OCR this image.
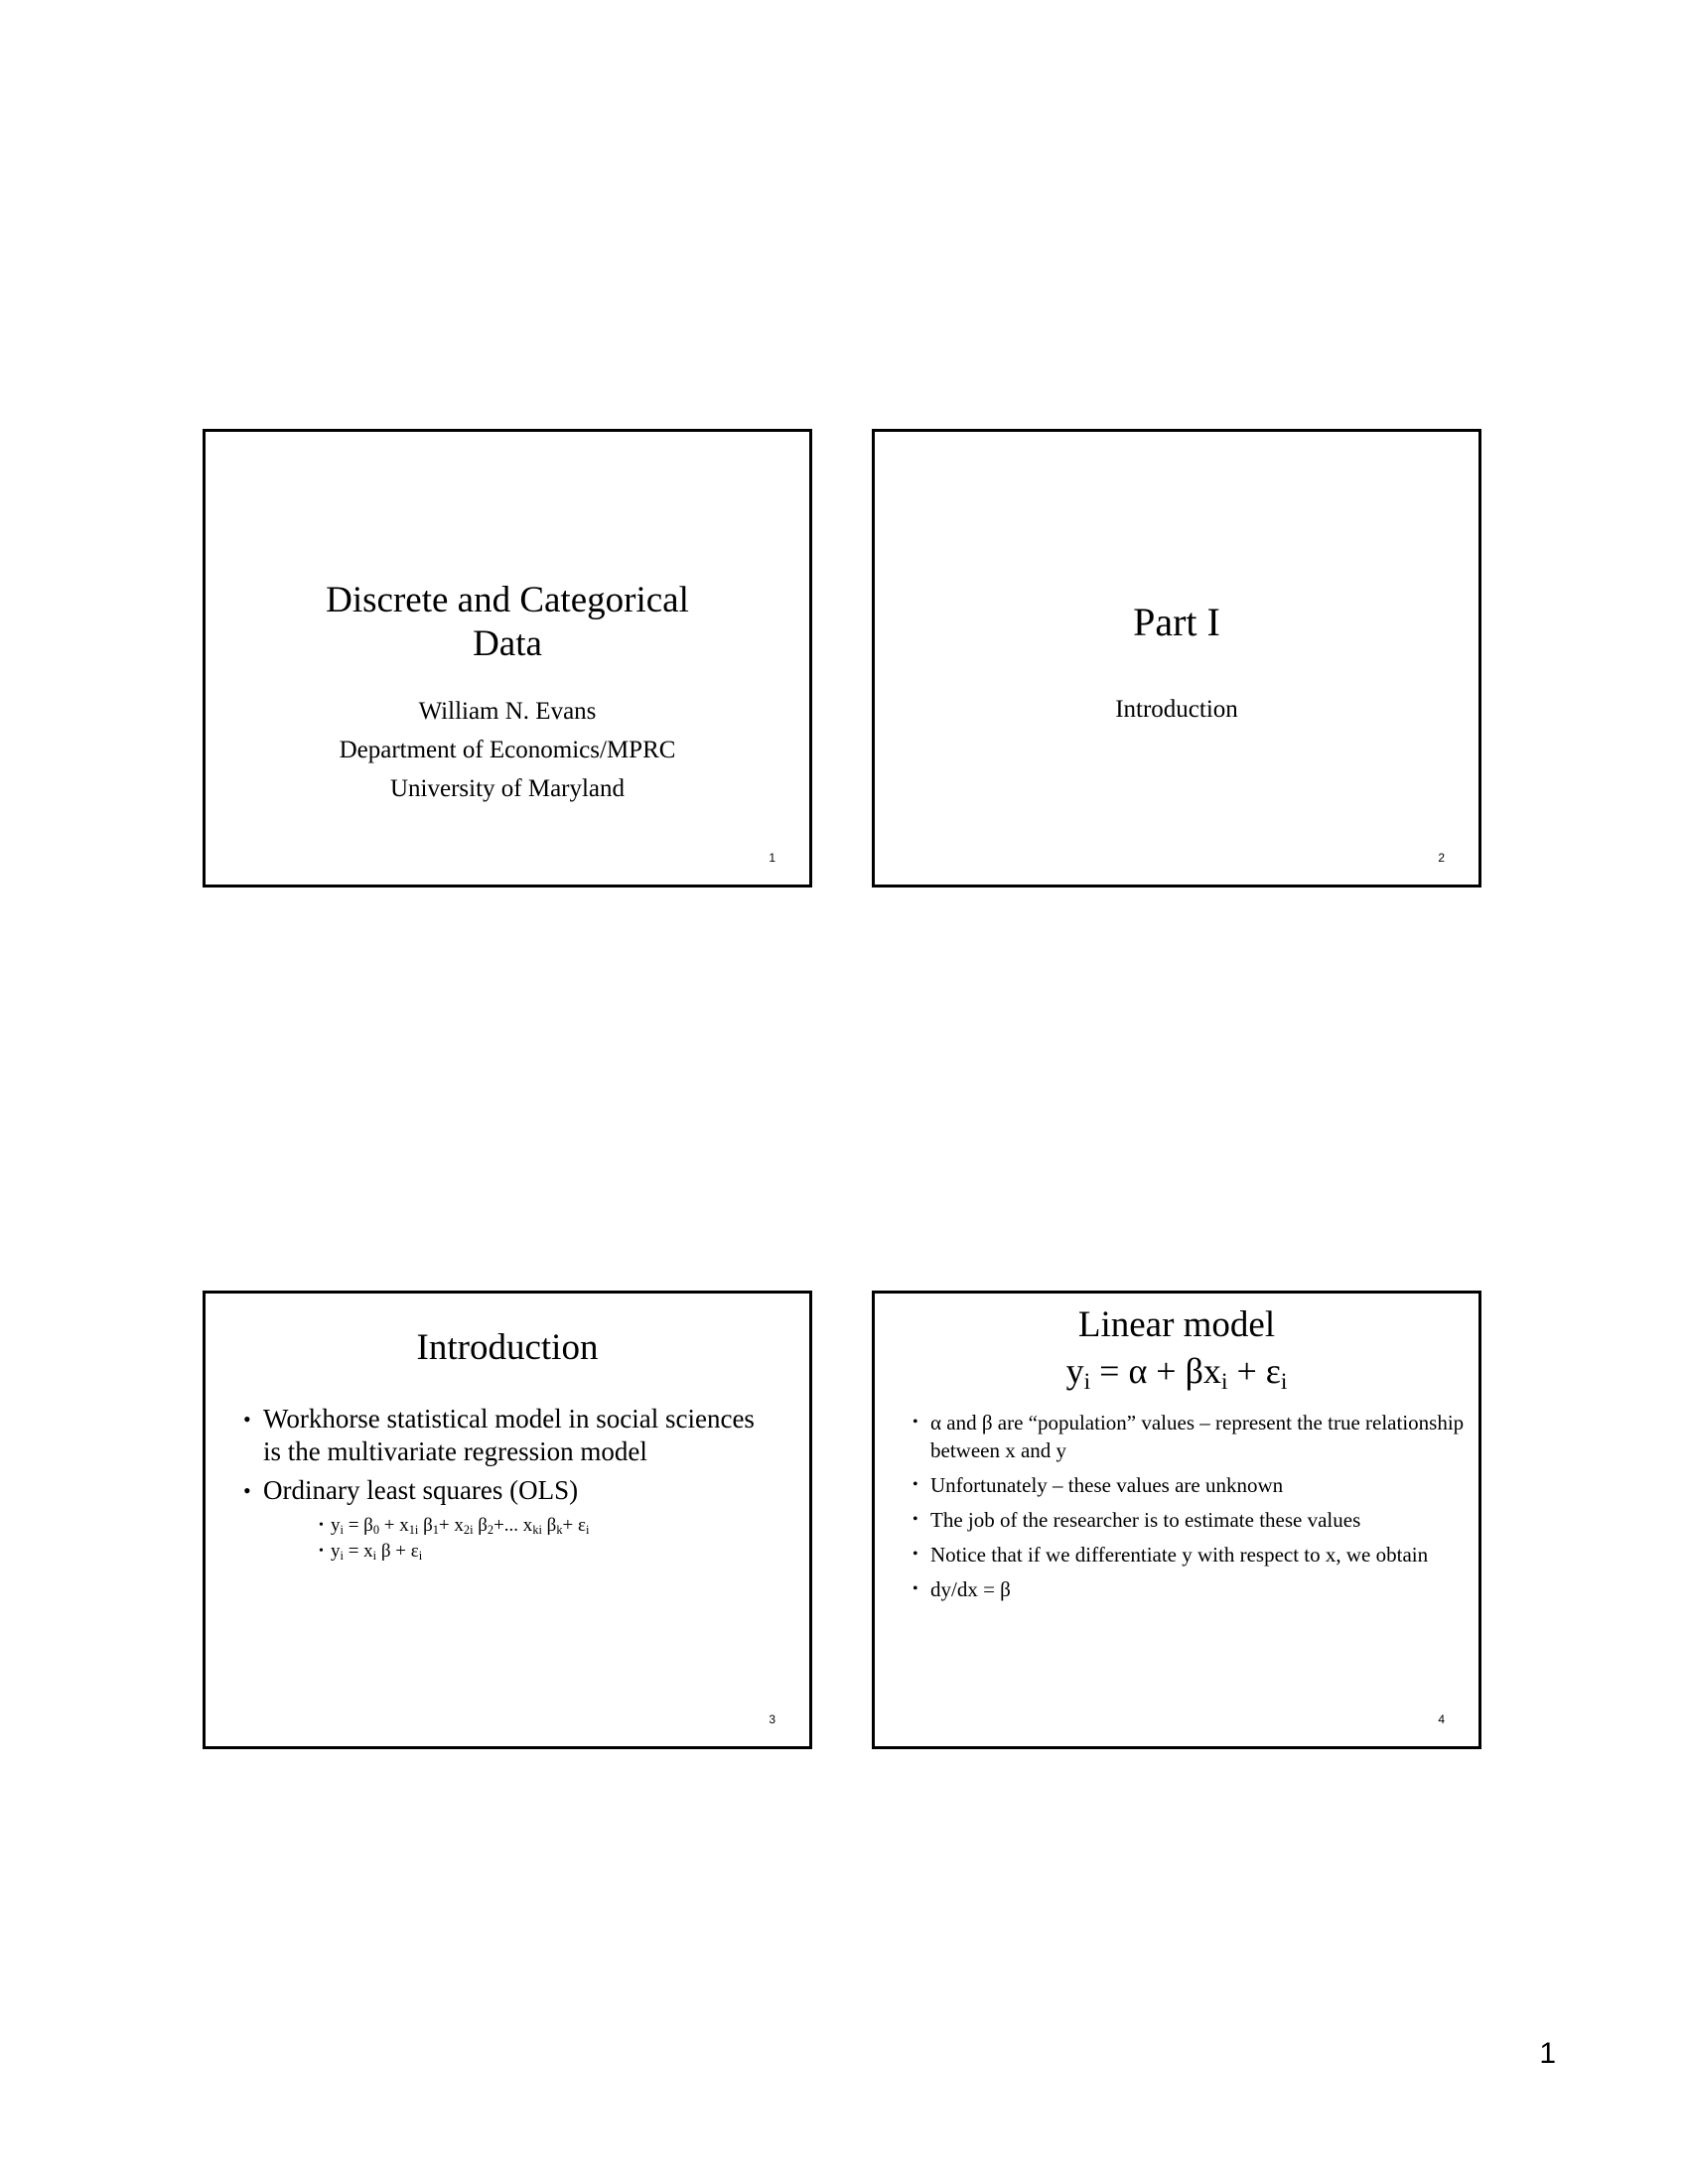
Discrete and Categorical
Data
William N. Evans
Department of Economics/MPRC
University of Maryland
1
Part I
Introduction
2
Introduction
• Workhorse statistical model in social sciences is the multivariate regression model
• Ordinary least squares (OLS)
• $y_i = \beta_0 + x_{1i}$ $\beta_1+ x_{2i}$ $\beta_2+$... $x_{ki}$ $\beta_k+ \varepsilon_i$
• $y_i = x_i$ $\beta + \varepsilon_i$
3
Linear model
$y_i = \alpha + \beta x_i + \varepsilon_i$
• α and β are “population” values – represent the true relationship between x and y
• Unfortunately – these values are unknown
• The job of the researcher is to estimate these values
• Notice that if we differentiate y with respect to x, we obtain
• dy/dx = β
4
1
